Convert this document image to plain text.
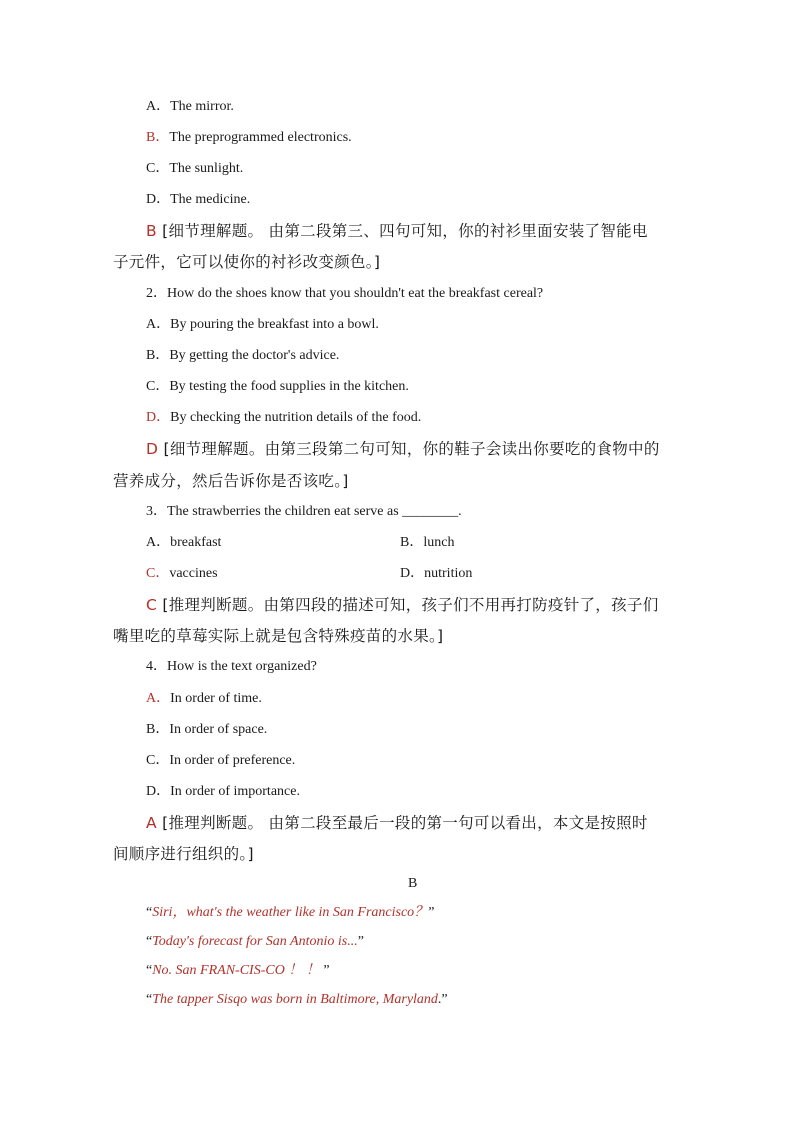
A．The mirror.
B．The preprogrammed electronics.
C．The sunlight.
D．The medicine.
B [细节理解题。 由第二段第三、四句可知，你的衬衫里面安装了智能电
子元件，它可以使你的衬衫改变颜色。]
2．How do the shoes know that you shouldn't eat the breakfast cereal?
A．By pouring the breakfast into a bowl.
B．By getting the doctor's advice.
C．By testing the food supplies in the kitchen.
D．By checking the nutrition details of the food.
D [细节理解题。由第三段第二句可知，你的鞋子会读出你要吃的食物中的
营养成分，然后告诉你是否该吃。]
3．The strawberries the children eat serve as ________.
A．breakfast	B．lunch
C．vaccines	D．nutrition
C [推理判断题。由第四段的描述可知，孩子们不用再打防疫针了，孩子们
嘴里吃的草莓实际上就是包含特殊疫苗的水果。]
4．How is the text organized?
A．In order of time.
B．In order of space.
C．In order of preference.
D．In order of importance.
A [推理判断题。 由第二段至最后一段的第一句可以看出，本文是按照时
间顺序进行组织的。]
B
“Siri，what's the weather like in San Francisco？”
“Today's forecast for San Antonio is...”
“No. San FRAN-CIS-CO ！ ！ ”
“The tapper Sisqo was born in Baltimore, Maryland.”
